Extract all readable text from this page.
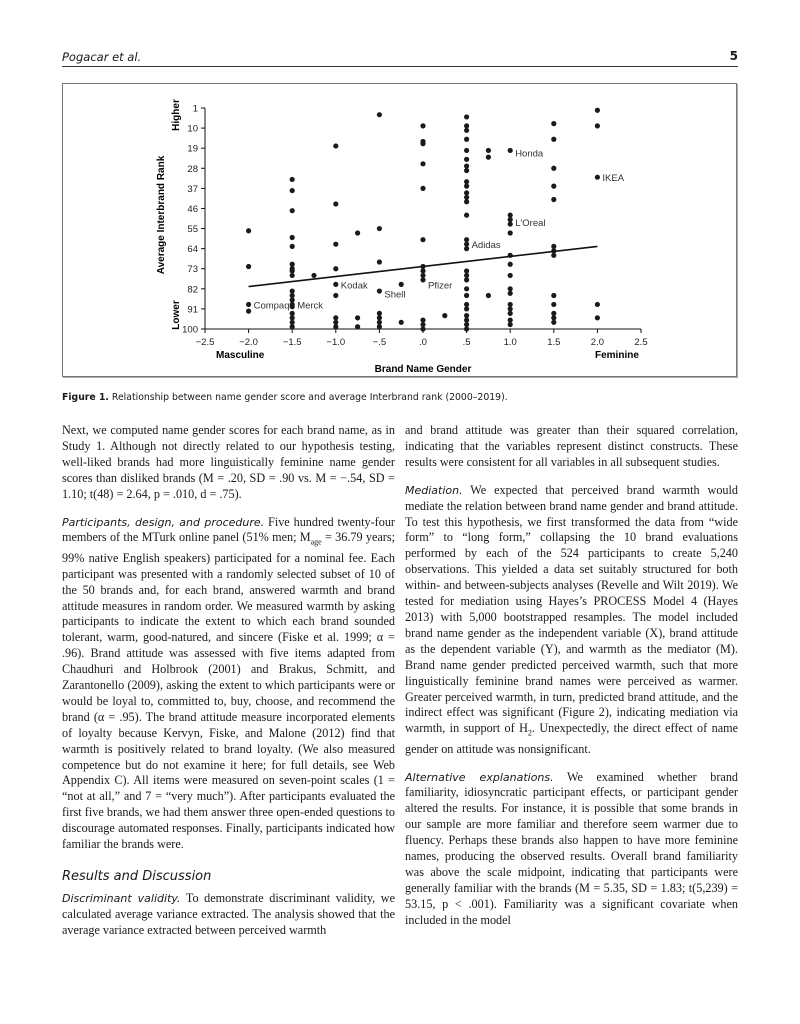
Pogacar et al.	5
1
10
19
28
37
46
55
64
73
82
91
100
−2.5	−2.0	−1.5	−1.0	−.5	.0	.5	1.0	1.5	2.0	2.5
Compaq Merck
Kodak
Shell
Pfizer
Adidas
L'Oreal
Honda
IKEA
Average Interbrand Rank
Higher
Lower
Masculine	Feminine
Brand Name Gender
Figure 1. Relationship between name gender score and average Interbrand rank (2000–2019).

Next, we computed name gender scores for each brand name, as in Study 1. Although not directly related to our hypothesis testing, well-liked brands had more linguistically feminine name gender scores than disliked brands (M = .20, SD = .90 vs. M = −.54, SD = 1.10; t(48) = 2.64, p = .010, d = .75).

Participants, design, and procedure. Five hundred twenty-four members of the MTurk online panel (51% men; $M_{age} = 36.79$ years; 99% native English speakers) participated for a nominal fee. Each participant was presented with a randomly selected subset of 10 of the 50 brands and, for each brand, answered warmth and brand attitude measures in random order. We measured warmth by asking participants to indicate the extent to which each brand sounded tolerant, warm, good-natured, and sincere (Fiske et al. 1999; α = .96). Brand attitude was assessed with five items adapted from Chaudhuri and Holbrook (2001) and Brakus, Schmitt, and Zarantonello (2009), asking the extent to which participants were or would be loyal to, committed to, buy, choose, and recommend the brand (α = .95). The brand attitude measure incorporated elements of loyalty because Kervyn, Fiske, and Malone (2012) find that warmth is positively related to brand loyalty. (We also measured competence but do not examine it here; for full details, see Web Appendix C). All items were measured on seven-point scales (1 = “not at all,” and 7 = “very much”). After participants evaluated the first five brands, we had them answer three open-ended questions to discourage automated responses. Finally, participants indicated how familiar the brands were.

Results and Discussion

Discriminant validity. To demonstrate discriminant validity, we calculated average variance extracted. The analysis showed that the average variance extracted between perceived warmth

and brand attitude was greater than their squared correlation, indicating that the variables represent distinct constructs. These results were consistent for all variables in all subsequent studies.

Mediation. We expected that perceived brand warmth would mediate the relation between brand name gender and brand attitude. To test this hypothesis, we first transformed the data from “wide form” to “long form,” collapsing the 10 brand evaluations performed by each of the 524 participants to create 5,240 observations. This yielded a data set suitably structured for both within- and between-subjects analyses (Revelle and Wilt 2019). We tested for mediation using Hayes’s PROCESS Model 4 (Hayes 2013) with 5,000 bootstrapped resamples. The model included brand name gender as the independent variable (X), brand attitude as the dependent variable (Y), and warmth as the mediator (M). Brand name gender predicted perceived warmth, such that more linguistically feminine brand names were perceived as warmer. Greater perceived warmth, in turn, predicted brand attitude, and the indirect effect was significant (Figure 2), indicating mediation via warmth, in support of $H_2$. Unexpectedly, the direct effect of name gender on attitude was nonsignificant.

Alternative explanations. We examined whether brand familiarity, idiosyncratic participant effects, or participant gender altered the results. For instance, it is possible that some brands in our sample are more familiar and therefore seem warmer due to fluency. Perhaps these brands also happen to have more feminine names, producing the observed results. Overall brand familiarity was above the scale midpoint, indicating that participants were generally familiar with the brands (M = 5.35, SD = 1.83; t(5,239) = 53.15, p < .001). Familiarity was a significant covariate when included in the model
